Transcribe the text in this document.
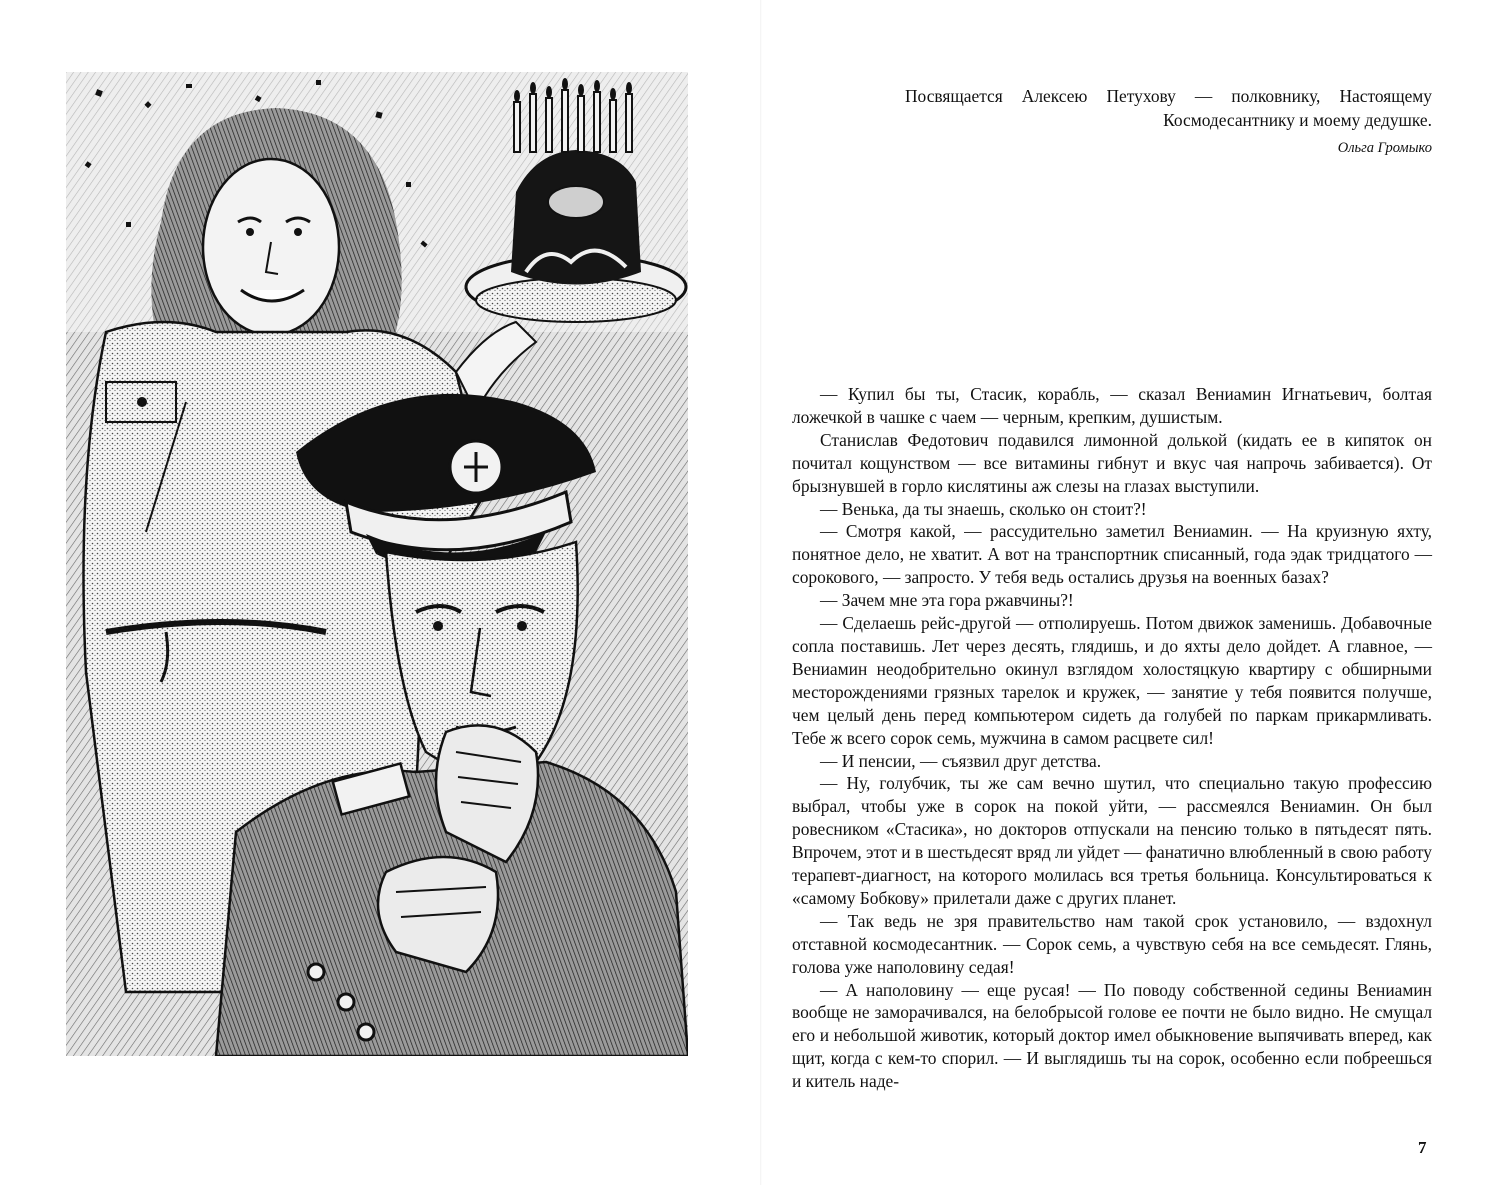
Посвящается Алексею Петухову — полковнику, Настоящему Космодесантнику и моему дедушке.

Ольга Громыко

— Купил бы ты, Стасик, корабль, — сказал Вениамин Игнатьевич, болтая ложечкой в чашке с чаем — черным, крепким, душистым.

Станислав Федотович подавился лимонной долькой (кидать ее в кипяток он почитал кощунством — все витамины гибнут и вкус чая напрочь забивается). От брызнувшей в горло кислятины аж слезы на глазах выступили.

— Венька, да ты знаешь, сколько он стоит?!

— Смотря какой, — рассудительно заметил Вениамин. — На круизную яхту, понятное дело, не хватит. А вот на транспортник списанный, года эдак тридцатого — сорокового, — запросто. У тебя ведь остались друзья на военных базах?

— Зачем мне эта гора ржавчины?!

— Сделаешь рейс-другой — отполируешь. Потом движок заменишь. Добавочные сопла поставишь. Лет через десять, глядишь, и до яхты дело дойдет. А главное, — Вениамин неодобрительно окинул взглядом холостяцкую квартиру с обширными месторождениями грязных тарелок и кружек, — занятие у тебя появится получше, чем целый день перед компьютером сидеть да голубей по паркам прикармливать. Тебе ж всего сорок семь, мужчина в самом расцвете сил!

— И пенсии, — съязвил друг детства.

— Ну, голубчик, ты же сам вечно шутил, что специально такую профессию выбрал, чтобы уже в сорок на покой уйти, — рассмеялся Вениамин. Он был ровесником «Стасика», но докторов отпускали на пенсию только в пятьдесят пять. Впрочем, этот и в шестьдесят вряд ли уйдет — фанатично влюбленный в свою работу терапевт-диагност, на которого молилась вся третья больница. Консультироваться к «самому Бобкову» прилетали даже с других планет.

— Так ведь не зря правительство нам такой срок установило, — вздохнул отставной космодесантник. — Сорок семь, а чувствую себя на все семьдесят. Глянь, голова уже наполовину седая!

— А наполовину — еще русая! — По поводу собственной седины Вениамин вообще не заморачивался, на белобрысой голове ее почти не было видно. Не смущал его и небольшой животик, который доктор имел обыкновение выпячивать вперед, как щит, когда с кем-то спорил. — И выглядишь ты на сорок, особенно если побреешься и китель наде-

7
